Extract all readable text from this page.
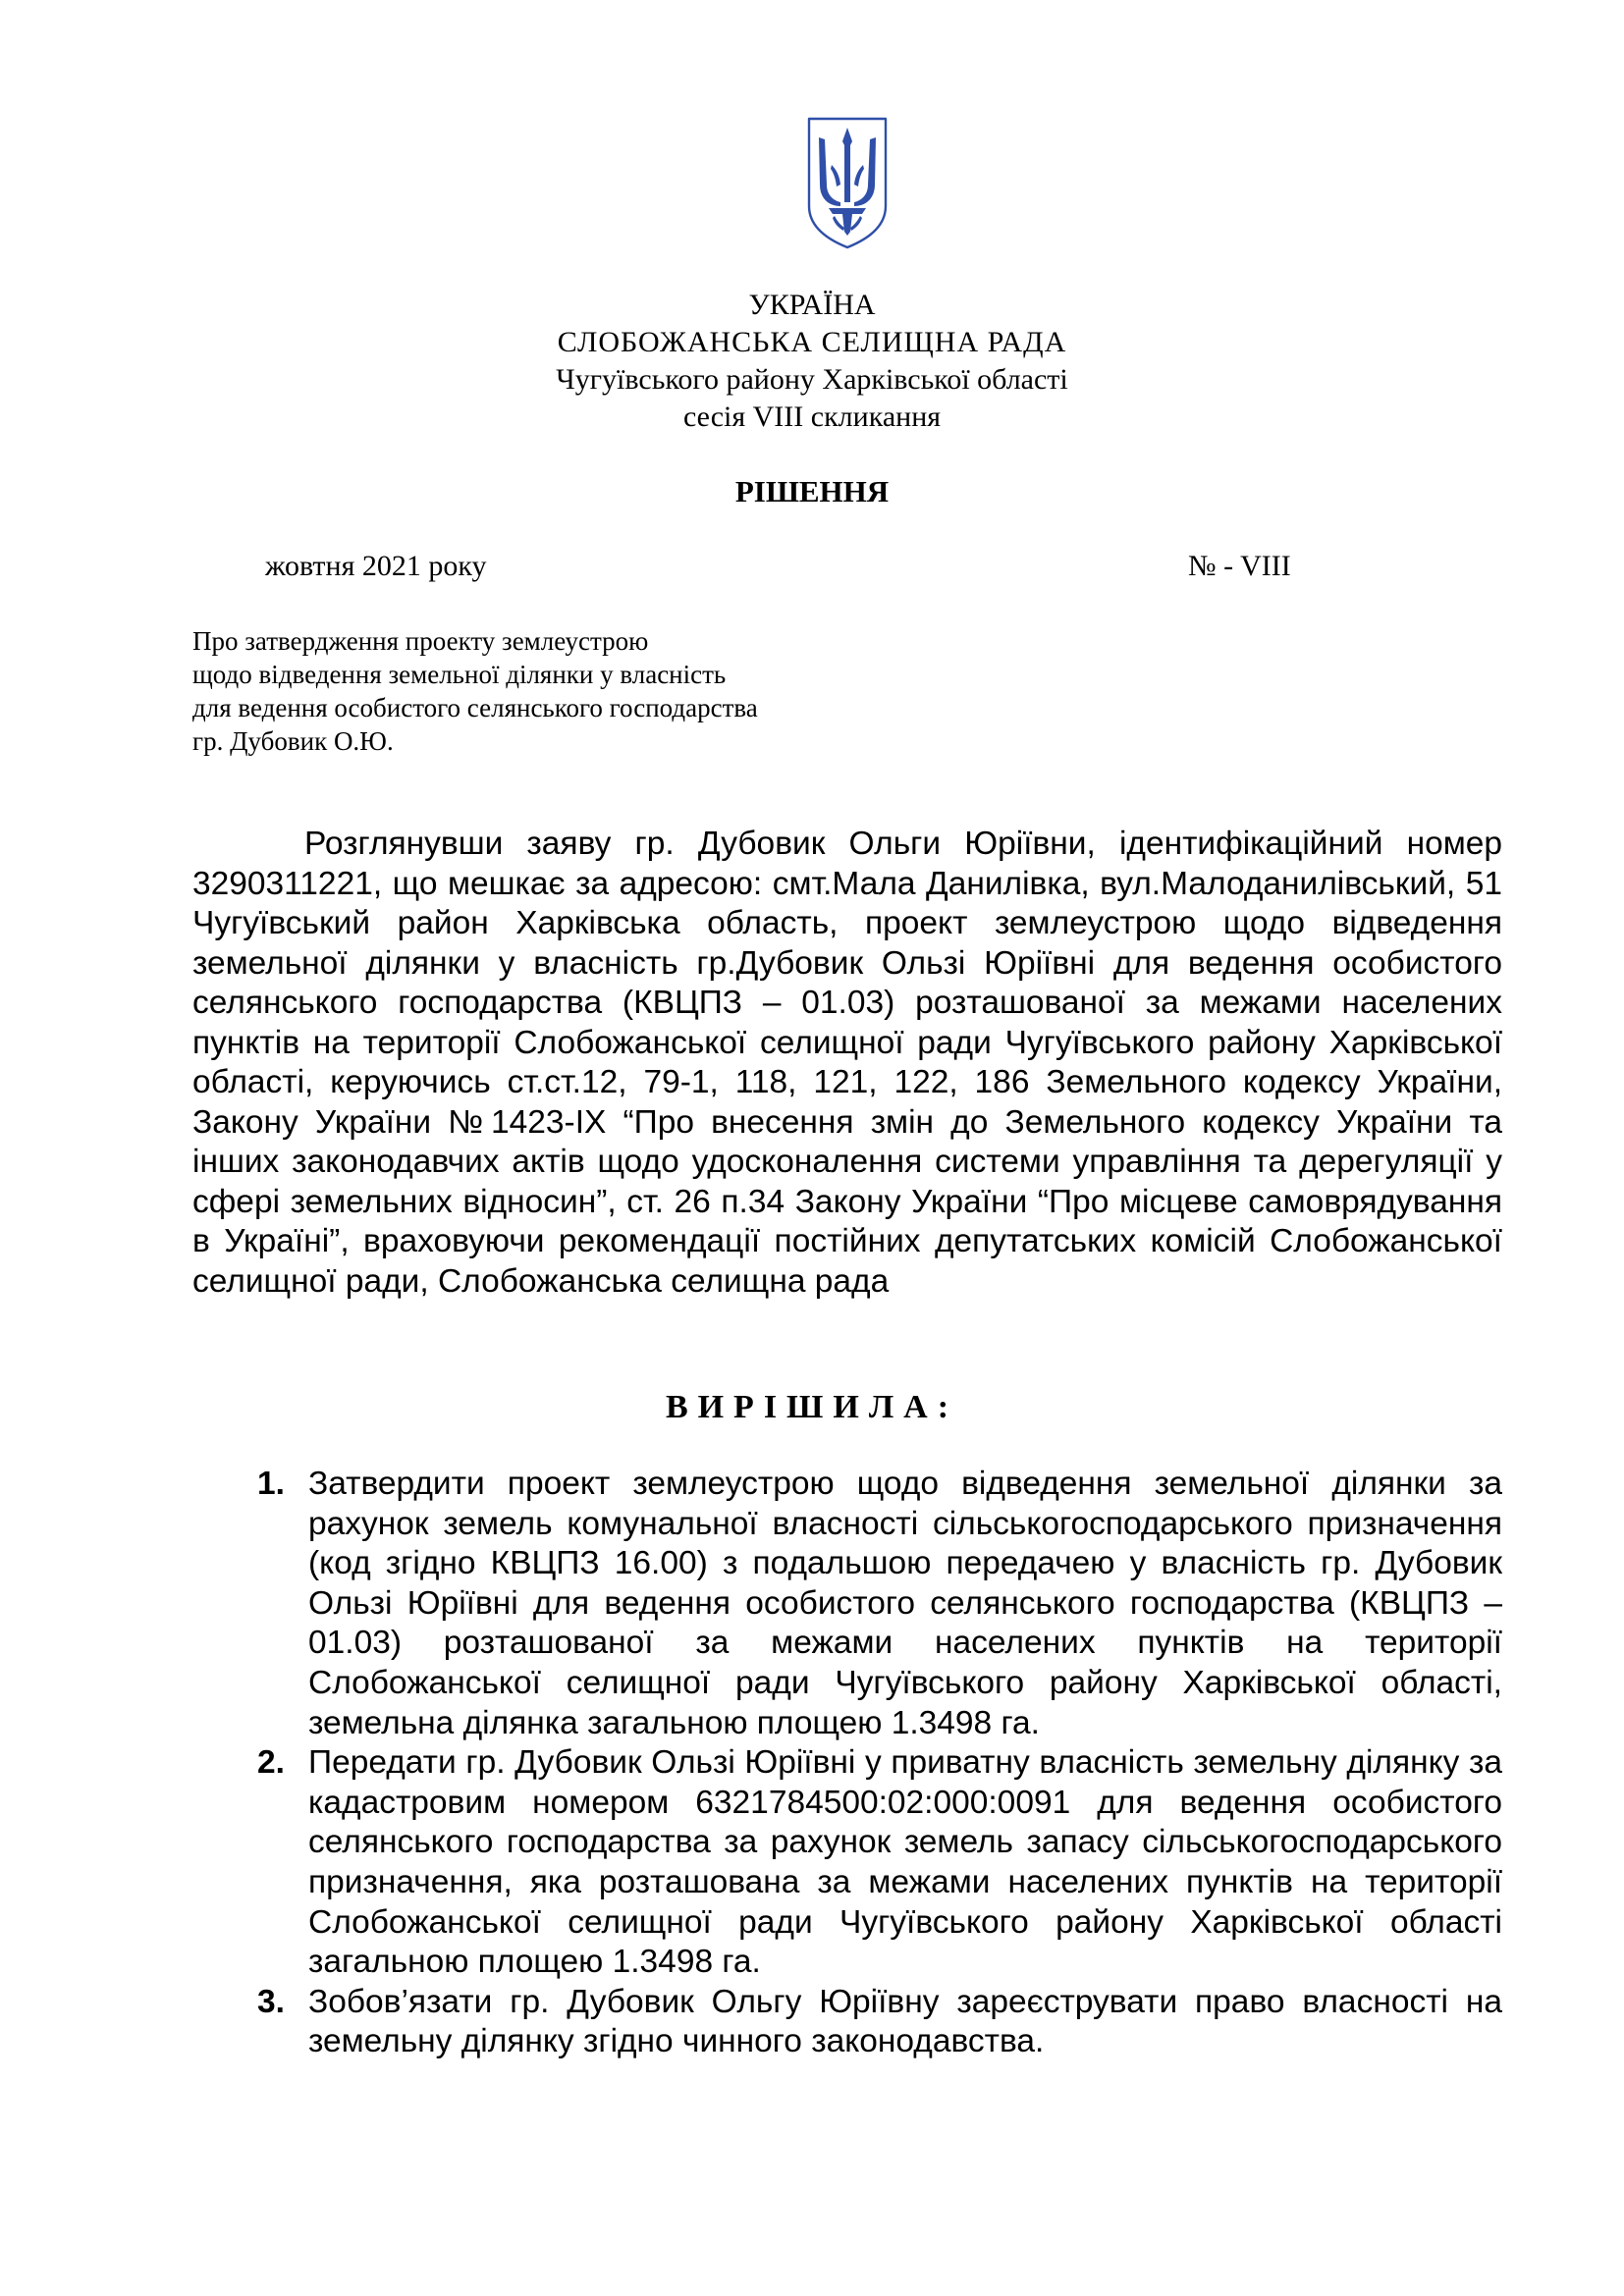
УКРАЇНА
СЛОБОЖАНСЬКА СЕЛИЩНА РАДА
Чугуївського району Харківської області
сесія VIII скликання
РІШЕННЯ
жовтня 2021 року	№ - VIII
Про затвердження проекту землеустрою
щодо відведення земельної ділянки у власність
для ведення особистого селянського господарства
гр. Дубовик О.Ю.

Розглянувши заяву гр. Дубовик Ольги Юріївни, ідентифікаційний номер 3290311221, що мешкає за адресою: смт.Мала Данилівка, вул.Малоданилівський, 51 Чугуївський район Харківська область, проект землеустрою щодо відведення земельної ділянки у власність гр.Дубовик Ользі Юріївні для ведення особистого селянського господарства (КВЦПЗ – 01.03) розташованої за межами населених пунктів на території Слобожанської селищної ради Чугуївського району Харківської області, керуючись ст.ст.12, 79-1, 118, 121, 122, 186 Земельного кодексу України, Закону України №1423-IX “Про внесення змін до Земельного кодексу України та інших законодавчих актів щодо удосконалення системи управління та дерегуляції у сфері земельних відносин”, ст. 26 п.34 Закону України “Про місцеве самоврядування в Україні”, враховуючи рекомендації постійних депутатських комісій Слобожанської селищної ради, Слобожанська селищна рада

ВИРІШИЛА:
1. Затвердити проект землеустрою щодо відведення земельної ділянки за рахунок земель комунальної власності сільськогосподарського призначення (код згідно КВЦПЗ 16.00) з подальшою передачею у власність гр. Дубовик Ользі Юріївні для ведення особистого селянського господарства (КВЦПЗ – 01.03) розташованої за межами населених пунктів на території Слобожанської селищної ради Чугуївського району Харківської області, земельна ділянка загальною площею 1.3498 га.
2. Передати гр. Дубовик Ользі Юріївні у приватну власність земельну ділянку за кадастровим номером 6321784500:02:000:0091 для ведення особистого селянського господарства за рахунок земель запасу сільськогосподарського призначення, яка розташована за межами населених пунктів на території Слобожанської селищної ради Чугуївського району Харківської області загальною площею 1.3498 га.
3. Зобов’язати гр. Дубовик Ольгу Юріївну зареєструвати право власності на земельну ділянку згідно чинного законодавства.
